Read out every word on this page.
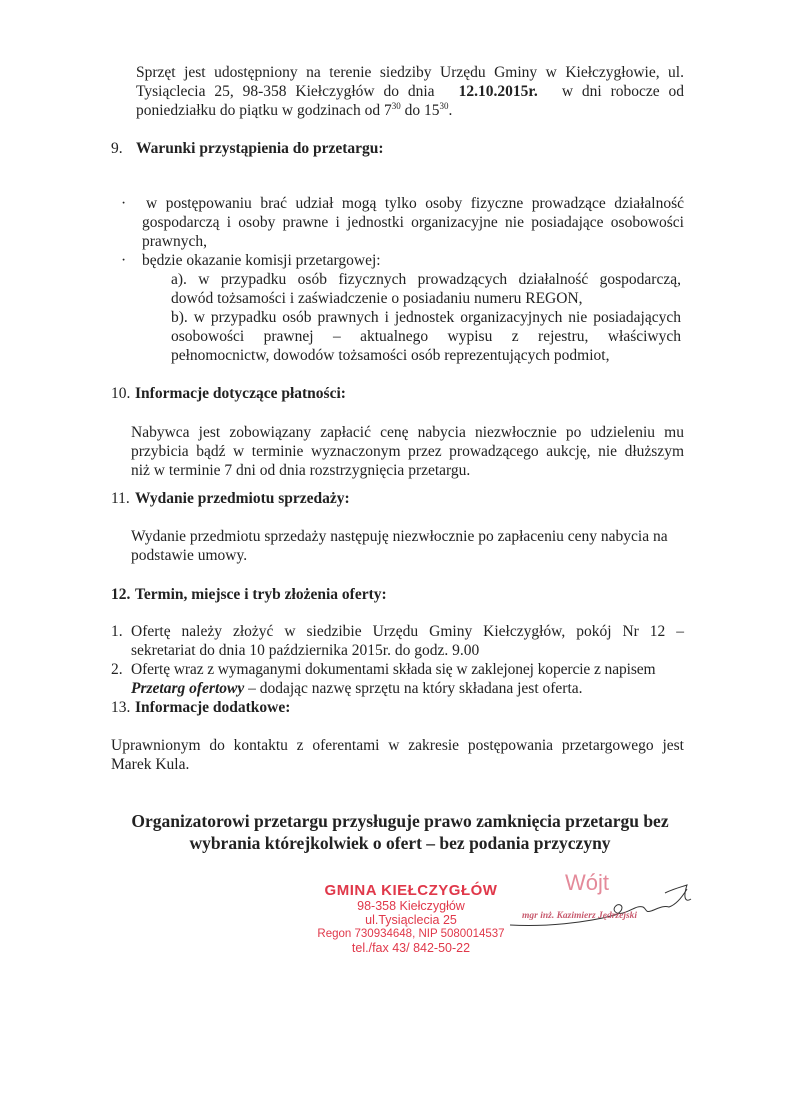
Sprzęt jest udostępniony na terenie siedziby Urzędu Gminy w Kiełczygłowie, ul.
Tysiąclecia 25, 98-358 Kiełczygłów do dnia 12.10.2015r. w dni robocze od
poniedziałku do piątku w godzinach od $7^{30}$ do $15^{30}$.
9. Warunki przystąpienia do przetargu:
· w postępowaniu brać udział mogą tylko osoby fizyczne prowadzące działalność
gospodarczą i osoby prawne i jednostki organizacyjne nie posiadające osobowości
prawnych,
· będzie okazanie komisji przetargowej:
a). w przypadku osób fizycznych prowadzących działalność gospodarczą,
dowód tożsamości i zaświadczenie o posiadaniu numeru REGON,
b). w przypadku osób prawnych i jednostek organizacyjnych nie posiadających
osobowości prawnej – aktualnego wypisu z rejestru, właściwych
pełnomocnictw, dowodów tożsamości osób reprezentujących podmiot,
10. Informacje dotyczące płatności:
Nabywca jest zobowiązany zapłacić cenę nabycia niezwłocznie po udzieleniu mu
przybicia bądź w terminie wyznaczonym przez prowadzącego aukcję, nie dłuższym
niż w terminie 7 dni od dnia rozstrzygnięcia przetargu.
11. Wydanie przedmiotu sprzedaży:
Wydanie przedmiotu sprzedaży następuję niezwłocznie po zapłaceniu ceny nabycia na
podstawie umowy.
12. Termin, miejsce i tryb złożenia oferty:
1. Ofertę należy złożyć w siedzibie Urzędu Gminy Kiełczygłów, pokój Nr 12 –
sekretariat do dnia 10 października 2015r. do godz. 9.00
2. Ofertę wraz z wymaganymi dokumentami składa się w zaklejonej kopercie z napisem
Przetarg ofertowy – dodając nazwę sprzętu na który składana jest oferta.
13. Informacje dodatkowe:
Uprawnionym do kontaktu z oferentami w zakresie postępowania przetargowego jest
Marek Kula.
Organizatorowi przetargu przysługuje prawo zamknięcia przetargu bez
wybrania którejkolwiek o ofert – bez podania przyczyny
GMINA KIEŁCZYGŁÓW
98-358 Kiełczygłów
ul.Tysiąclecia 25
Regon 730934648, NIP 5080014537
tel./fax 43/ 842-50-22
Wójt
mgr inż. Kazimierz Jędrzejski
